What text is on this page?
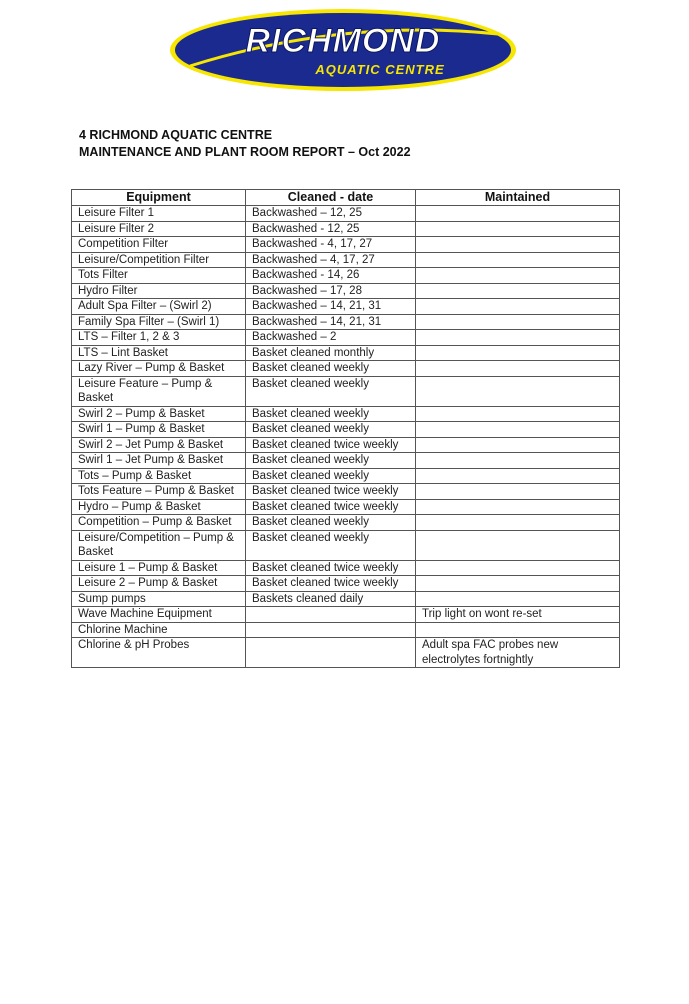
RICHMOND
AQUATIC CENTRE
4 RICHMOND AQUATIC CENTRE
MAINTENANCE AND PLANT ROOM REPORT – Oct 2022
Equipment	Cleaned - date	Maintained
Leisure Filter 1	Backwashed – 12, 25	
Leisure Filter 2	Backwashed - 12, 25	
Competition Filter	Backwashed - 4, 17, 27	
Leisure/Competition Filter	Backwashed – 4, 17, 27	
Tots Filter	Backwashed - 14, 26	
Hydro Filter	Backwashed – 17, 28	
Adult Spa Filter – (Swirl 2)	Backwashed – 14, 21, 31	
Family Spa Filter – (Swirl 1)	Backwashed – 14, 21, 31	
LTS – Filter 1, 2 & 3	Backwashed – 2	
LTS – Lint Basket	Basket cleaned monthly	
Lazy River – Pump & Basket	Basket cleaned weekly	
Leisure Feature – Pump & Basket	Basket cleaned weekly	
Swirl 2 – Pump & Basket	Basket cleaned weekly	
Swirl 1 – Pump & Basket	Basket cleaned weekly	
Swirl 2 – Jet Pump & Basket	Basket cleaned twice weekly	
Swirl 1 – Jet Pump & Basket	Basket cleaned weekly	
Tots – Pump & Basket	Basket cleaned weekly	
Tots Feature – Pump & Basket	Basket cleaned twice weekly	
Hydro – Pump & Basket	Basket cleaned twice weekly	
Competition – Pump & Basket	Basket cleaned weekly	
Leisure/Competition – Pump & Basket	Basket cleaned weekly	
Leisure 1 – Pump & Basket	Basket cleaned twice weekly	
Leisure 2 – Pump & Basket	Basket cleaned twice weekly	
Sump pumps	Baskets cleaned daily	
Wave Machine Equipment		Trip light on wont re-set
Chlorine Machine		
Chlorine & pH Probes		Adult spa FAC probes new electrolytes fortnightly
